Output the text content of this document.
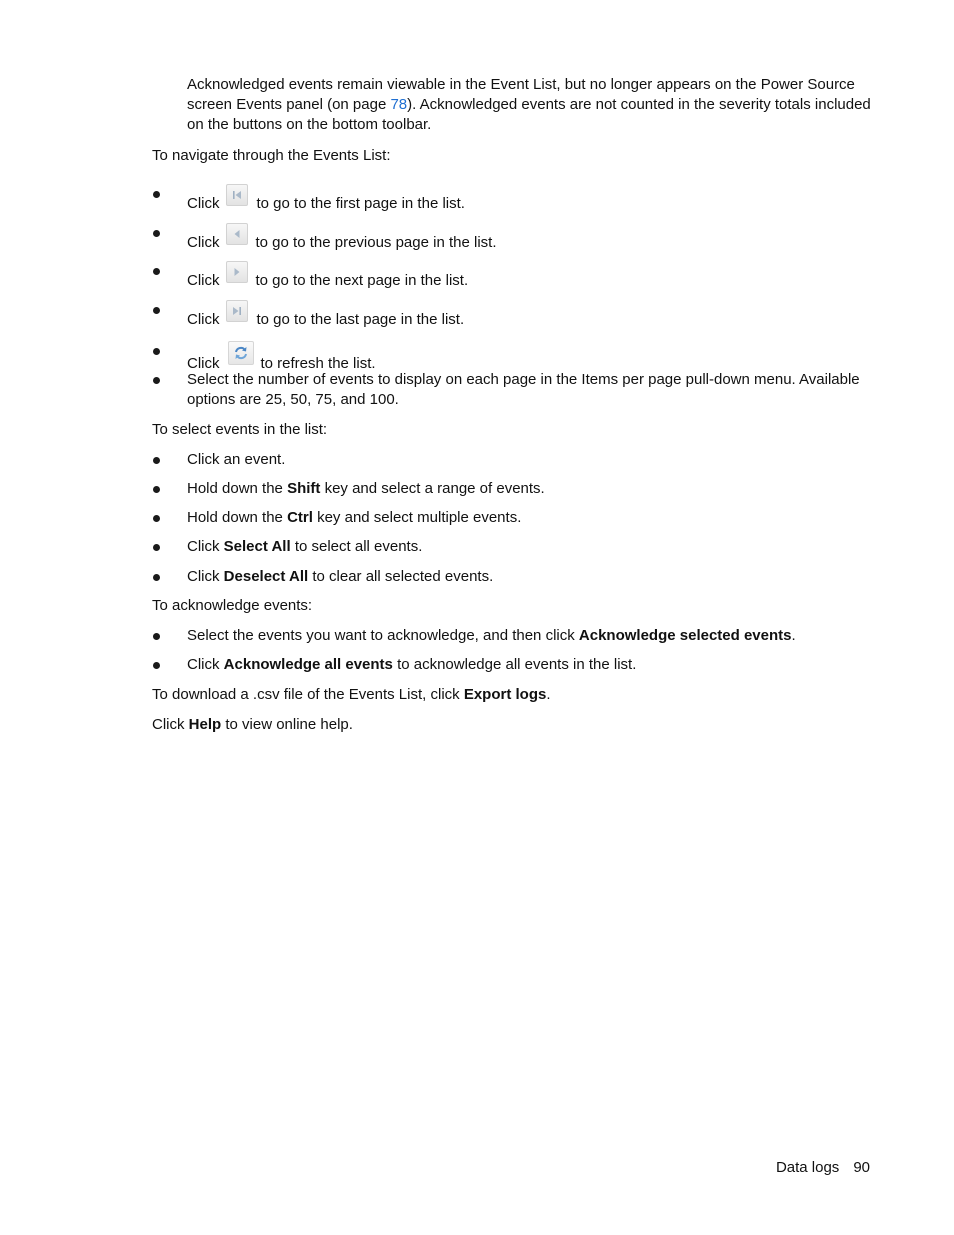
Acknowledged events remain viewable in the Event List, but no longer appears on the Power Source screen Events panel (on page 78). Acknowledged events are not counted in the severity totals included on the buttons on the bottom toolbar.
To navigate through the Events List:
Click to go to the first page in the list.
Click to go to the previous page in the list.
Click to go to the next page in the list.
Click to go to the last page in the list.
Click	to refresh the list.
Select the number of events to display on each page in the Items per page pull-down menu. Available options are 25, 50, 75, and 100.
To select events in the list:
Click an event.
Hold down the Shift key and select a range of events.
Hold down the Ctrl key and select multiple events.
Click Select All to select all events.
Click Deselect All to clear all selected events.
To acknowledge events:
Select the events you want to acknowledge, and then click Acknowledge selected events.
Click Acknowledge all events to acknowledge all events in the list.
To download a .csv file of the Events List, click Export logs.
Click Help to view online help.
Data logs 90
